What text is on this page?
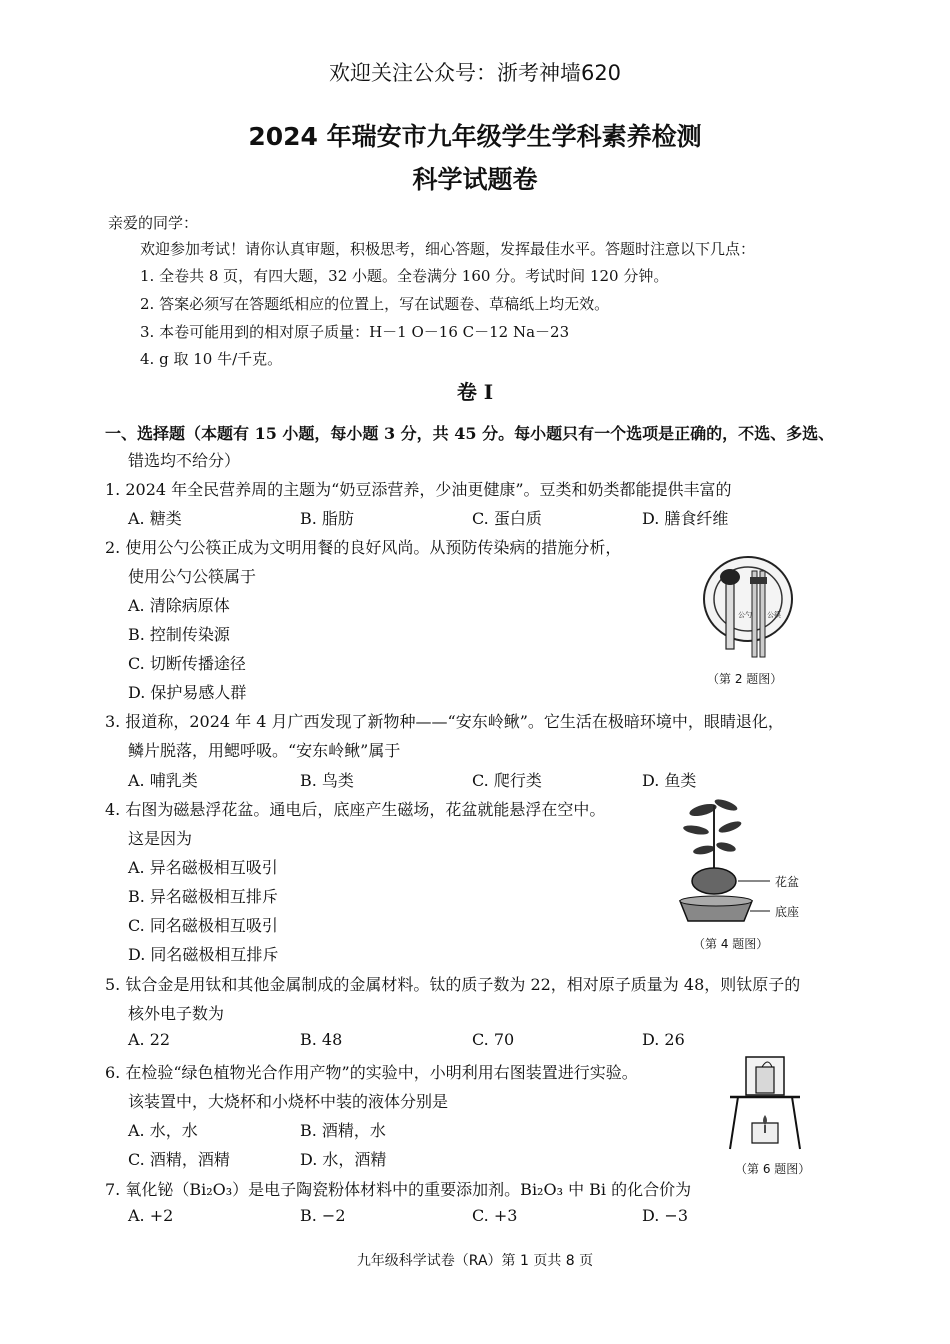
欢迎关注公众号：浙考神墙620
2024 年瑞安市九年级学生学科素养检测
科学试题卷
亲爱的同学：
欢迎参加考试！请你认真审题，积极思考，细心答题，发挥最佳水平。答题时注意以下几点：
1. 全卷共 8 页，有四大题，32 小题。全卷满分 160 分。考试时间 120 分钟。
2. 答案必须写在答题纸相应的位置上，写在试题卷、草稿纸上均无效。
3. 本卷可能用到的相对原子质量：H－1 O－16 C－12 Na－23
4. g 取 10 牛/千克。
卷 Ⅰ
一、选择题（本题有 15 小题，每小题 3 分，共 45 分。每小题只有一个选项是正确的，不选、多选、
错选均不给分）
1. 2024 年全民营养周的主题为“奶豆添营养，少油更健康”。豆类和奶类都能提供丰富的
A. 糖类	B. 脂肪	C. 蛋白质	D. 膳食纤维
2. 使用公勺公筷正成为文明用餐的良好风尚。从预防传染病的措施分析，
使用公勺公筷属于
A. 清除病原体
B. 控制传染源
C. 切断传播途径
D. 保护易感人群
公勺 公筷
（第 2 题图）
3. 报道称，2024 年 4 月广西发现了新物种——“安东岭鳅”。它生活在极暗环境中，眼睛退化，
鳞片脱落，用鳃呼吸。“安东岭鳅”属于
A. 哺乳类	B. 鸟类	C. 爬行类	D. 鱼类
4. 右图为磁悬浮花盆。通电后，底座产生磁场，花盆就能悬浮在空中。
这是因为
A. 异名磁极相互吸引
B. 异名磁极相互排斥
C. 同名磁极相互吸引
D. 同名磁极相互排斥
花盆
底座
（第 4 题图）
5. 钛合金是用钛和其他金属制成的金属材料。钛的质子数为 22，相对原子质量为 48，则钛原子的
核外电子数为
A. 22	B. 48	C. 70	D. 26
6. 在检验“绿色植物光合作用产物”的实验中，小明利用右图装置进行实验。
该装置中，大烧杯和小烧杯中装的液体分别是
A. 水，水	B. 酒精，水
C. 酒精，酒精	D. 水，酒精	（第 6 题图）
7. 氧化铋（Bi₂O₃）是电子陶瓷粉体材料中的重要添加剂。Bi₂O₃ 中 Bi 的化合价为
A. +2	B. −2	C. +3	D. −3
九年级科学试卷（RA）第 1 页共 8 页
